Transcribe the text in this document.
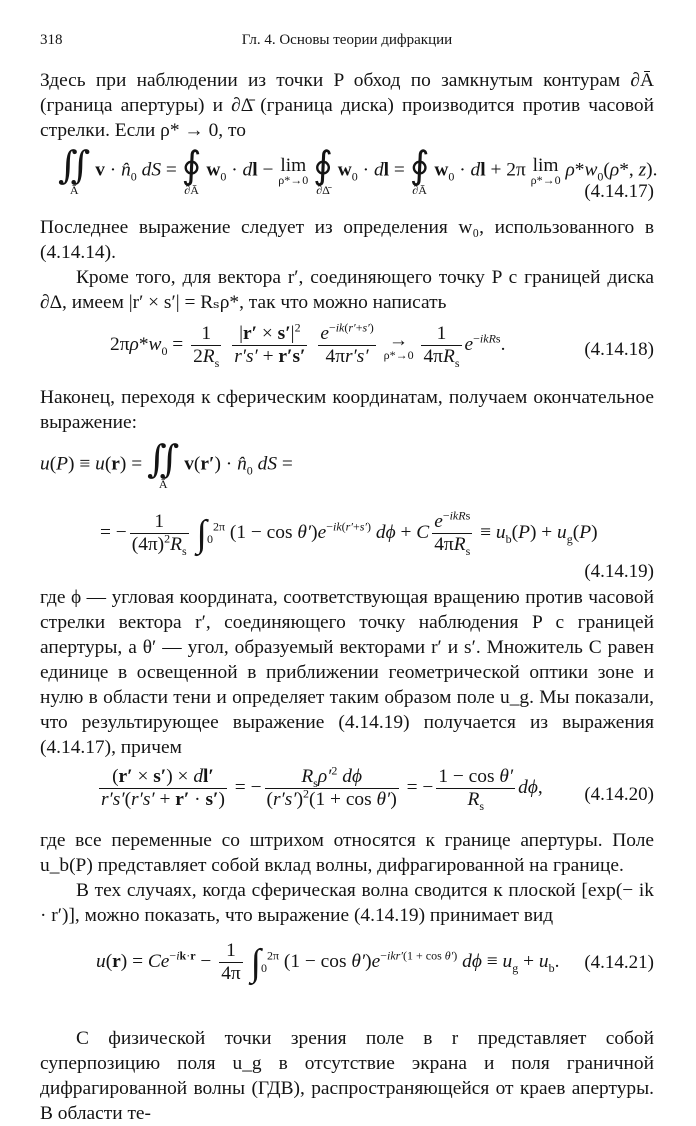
318	Гл. 4. Основы теории дифракции

Здесь при наблюдении из точки P обход по замкнутым контурам ∂Ā (граница апертуры) и ∂Δ̄ (граница диска) производится против часовой стрелки. Если ρ* → 0, то

∬
Ā
$v \cdot n̂_0$ dS = ∮
∂Ā
$w_0$ · dl − lim
ρ*→0
∮
∂Δ̄
$w_0$ · dl = ∮
∂Ā
$w_0$ · dl + 2π lim
ρ*→0 $\rho*w_0(\rho*$, z).
(4.14.17)

Последнее выражение следует из определения w₀, использованного в (4.14.14).

Кроме того, для вектора r′, соединяющего точку P с границей диска ∂Δ, имеем |r′ × s′| = Rₛρ*, так что можно написать

$2\pi\rho*w_0 = \frac{1}{2R_s}$
$\frac{|r' \times s'|^2}{r's' + r's'}$
$\frac{e^{-ik(r'+s')}}{4\pi r's'}$
→
ρ*→0
$\frac{1}{4\pi R_s} e^{-ikRs}$.	(4.14.18)

Наконец, переходя к сферическим координатам, получаем окончательное выражение:

u(P) ≡ u(r) = ∬
Ā
$v(r') \cdot n̂_0$ dS =
= − $\frac{1}{(4\pi)^2R_s}$
∫ $_0^{2\pi}$ $(1 - \cos \theta')e^{-ik(r'+s')}$ dϕ + C $\frac{e^{-ikRs}}{4\pi R_s} \equiv u_b(P) + u_g(P)$
(4.14.19)

где ϕ — угловая координата, соответствующая вращению против часовой стрелки вектора r′, соединяющего точку наблюдения P с границей апертуры, а θ′ — угол, образуемый векторами r′ и s′. Множитель C равен единице в освещенной в приближении геометрической оптики зоне и нулю в области тени и определяет таким образом поле u_g. Мы показали, что результирующее выражение (4.14.19) получается из выражения (4.14.17), причем

$\frac{(r' \times s') \times dl'}{r's'(r's' + r' \cdot s')}$ = − $\frac{R_s\rho'^2 d\phi}{(r's')^2(1 + \cos \theta')}$ = − $\frac{\text{1 − cos θ′}}{R_s} d\phi$, (4.14.20)

где все переменные со штрихом относятся к границе апертуры. Поле u_b(P) представляет собой вклад волны, дифрагированной на границе.

В тех случаях, когда сферическая волна сводится к плоской [exp(− ik · r′)], можно показать, что выражение (4.14.19) принимает вид

$u(r) = Ce^{-ik\cdot r} - \frac{1}{4\pi}$
∫ $_0^{2\pi}$ $(1 - \cos \theta')e^{-ikr'(1 + cos \theta')}$ $d\phi \equiv u_g + u_b$. (4.14.21)

С физической точки зрения поле в r представляет собой суперпозицию поля u_g в отсутствие экрана и поля граничной дифрагированной волны (ГДВ), распространяющейся от краев апертуры. В области те-
